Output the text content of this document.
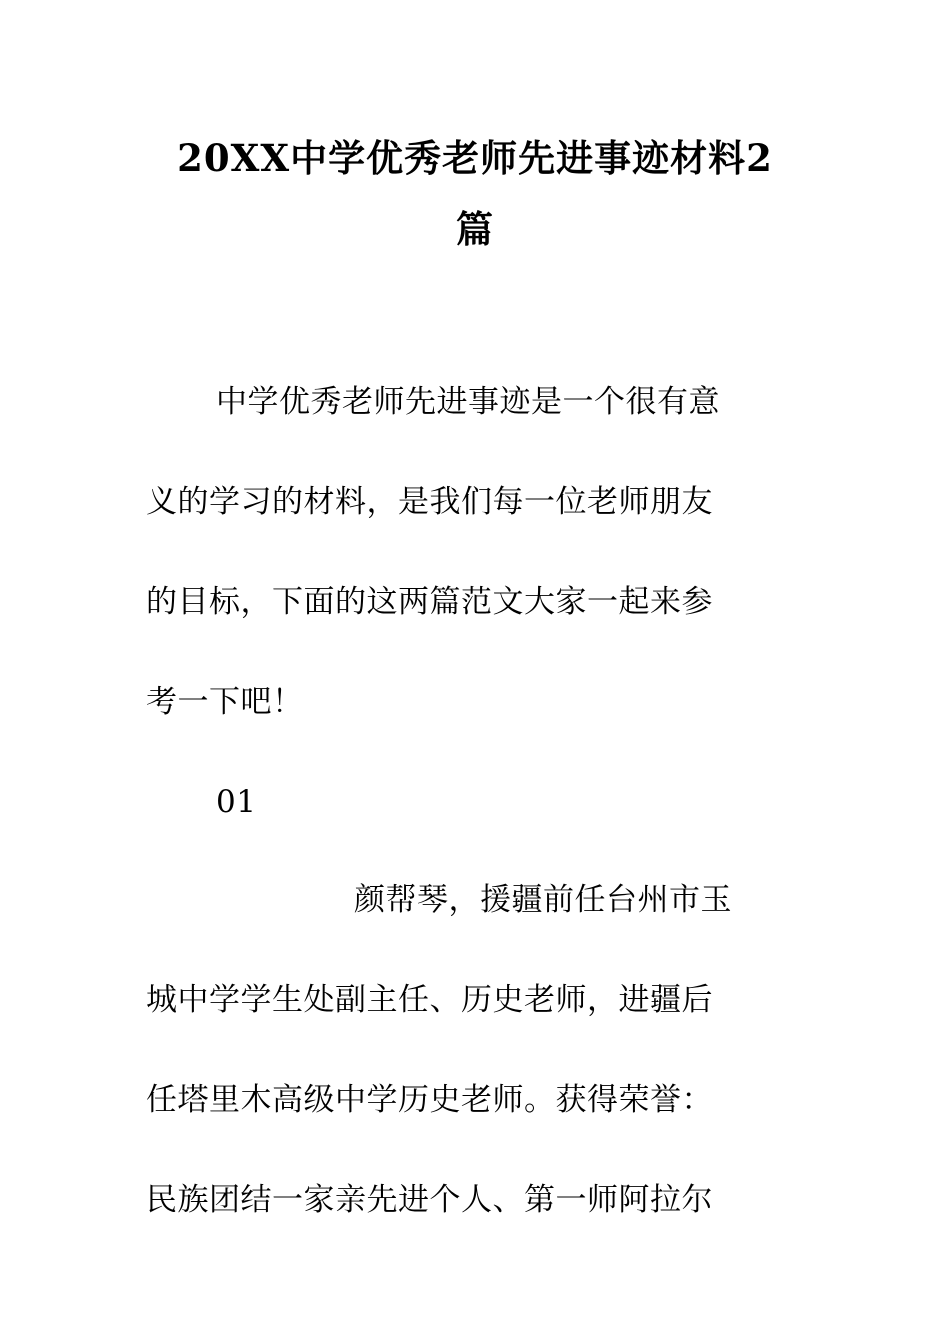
20XX中学优秀老师先进事迹材料2
篇
中学优秀老师先进事迹是一个很有意
义的学习的材料，是我们每一位老师朋友
的目标，下面的这两篇范文大家一起来参
考一下吧！
01
颜帮琴，援疆前任台州市玉
城中学学生处副主任、历史老师，进疆后
任塔里木高级中学历史老师。获得荣誉：
民族团结一家亲先进个人、第一师阿拉尔
